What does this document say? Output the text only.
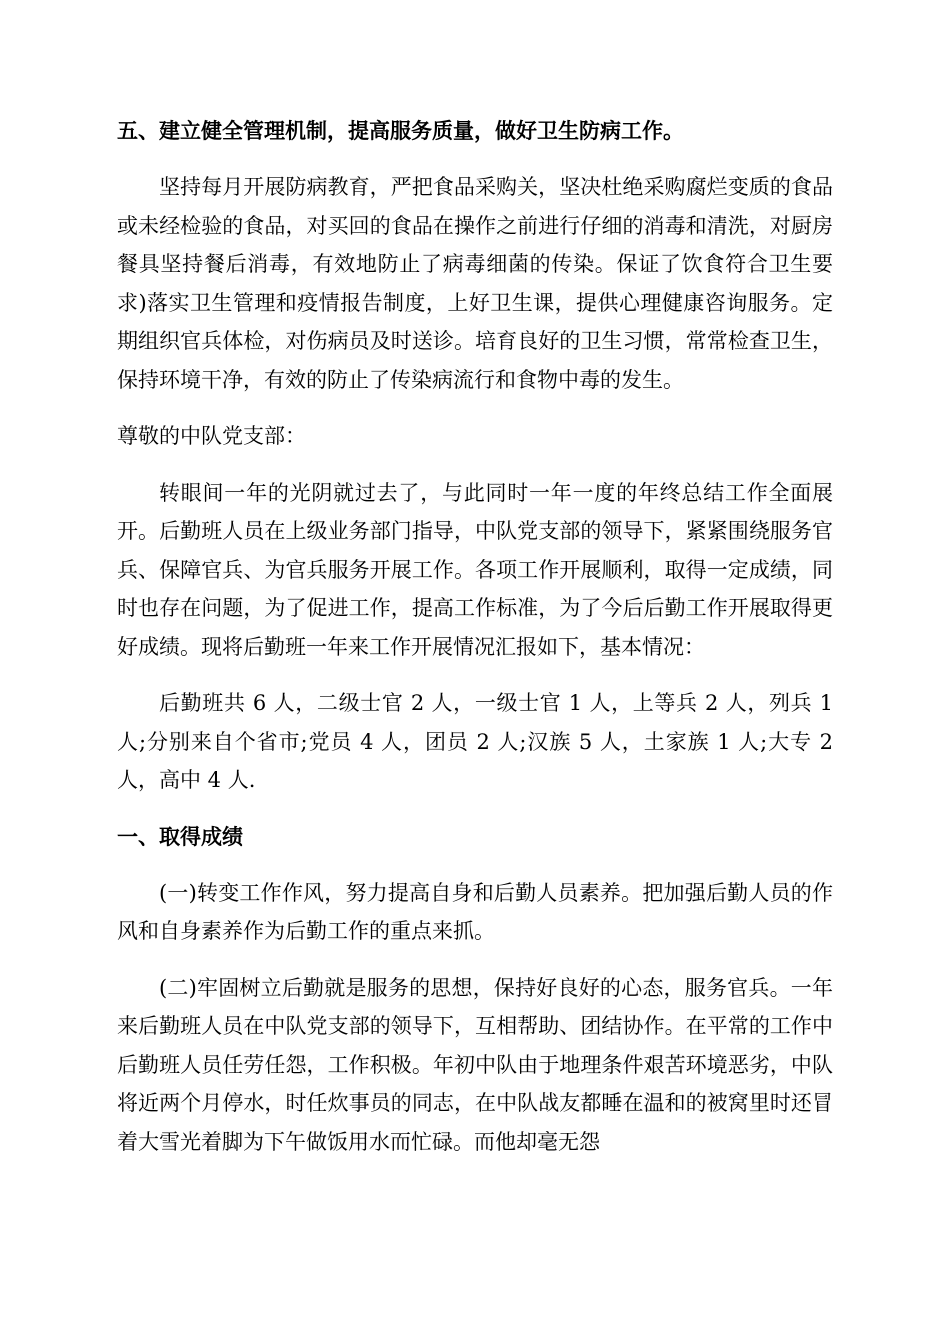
五、建立健全管理机制，提高服务质量，做好卫生防病工作。
坚持每月开展防病教育，严把食品采购关，坚决杜绝采购腐烂变质的食品或未经检验的食品，对买回的食品在操作之前进行仔细的消毒和清洗，对厨房餐具坚持餐后消毒，有效地防止了病毒细菌的传染。保证了饮食符合卫生要求)落实卫生管理和疫情报告制度，上好卫生课，提供心理健康咨询服务。定期组织官兵体检，对伤病员及时送诊。培育良好的卫生习惯，常常检查卫生，保持环境干净，有效的防止了传染病流行和食物中毒的发生。
尊敬的中队党支部：
转眼间一年的光阴就过去了，与此同时一年一度的年终总结工作全面展开。后勤班人员在上级业务部门指导，中队党支部的领导下，紧紧围绕服务官兵、保障官兵、为官兵服务开展工作。各项工作开展顺利，取得一定成绩，同时也存在问题，为了促进工作，提高工作标准，为了今后后勤工作开展取得更好成绩。现将后勤班一年来工作开展情况汇报如下，基本情况：
后勤班共 6 人，二级士官 2 人，一级士官 1 人，上等兵 2 人，列兵 1 人;分别来自个省市;党员 4 人，团员 2 人;汉族 5 人，土家族 1 人;大专 2 人，高中 4 人.
一、取得成绩
(一)转变工作作风，努力提高自身和后勤人员素养。把加强后勤人员的作风和自身素养作为后勤工作的重点来抓。
(二)牢固树立后勤就是服务的思想，保持好良好的心态，服务官兵。一年来后勤班人员在中队党支部的领导下，互相帮助、团结协作。在平常的工作中后勤班人员任劳任怨，工作积极。年初中队由于地理条件艰苦环境恶劣，中队将近两个月停水，时任炊事员的同志，在中队战友都睡在温和的被窝里时还冒着大雪光着脚为下午做饭用水而忙碌。而他却毫无怨
